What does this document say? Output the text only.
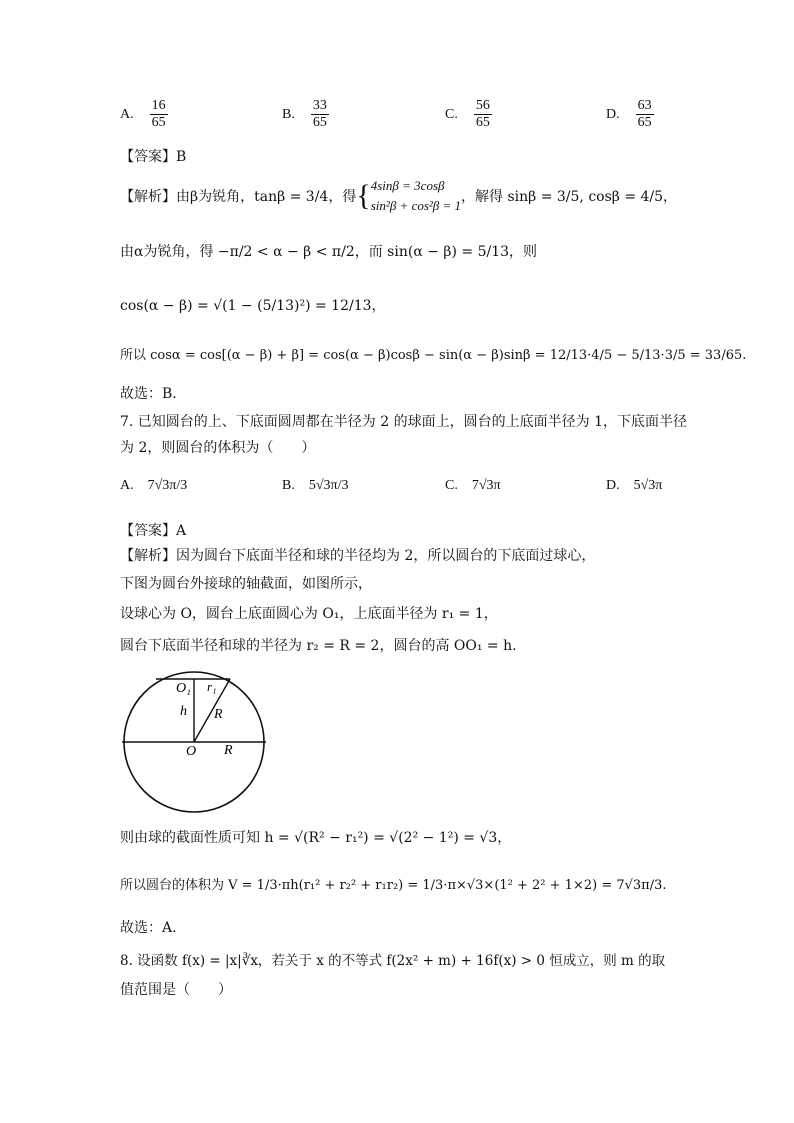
A. $\frac{16}{65}$	B. $\frac{33}{65}$	C. $\frac{56}{65}$	D. $\frac{63}{65}$
【答案】B
【解析】 由β为锐角，tanβ = 3/4，得 { 4sinβ = 3cosβ
sin²β + cos²β = 1
，解得 sinβ = 3/5, cosβ = 4/5，
由α为锐角，得 −π/2 < α − β < π/2，而 sin(α − β) = 5/13，则
cos(α − β) = √(1 − (5/13)²) = 12/13，
所以 cosα = cos[(α − β) + β] = cos(α − β)cosβ − sin(α − β)sinβ = 12/13·4/5 − 5/13·3/5 = 33/65.
故选：B.
7. 已知圆台的上、下底面圆周都在半径为 2 的球面上，圆台的上底面半径为 1，下底面半径
为 2，则圆台的体积为（　　）
A. 7√3π/3	B. 5√3π/3	C. 7√3π	D. 5√3π
【答案】A
【解析】 因为圆台下底面半径和球的半径均为 2，所以圆台的下底面过球心，
下图为圆台外接球的轴截面，如图所示，
设球心为 O，圆台上底面圆心为 O₁，上底面半径为 r₁ = 1，
圆台下底面半径和球的半径为 r₂ = R = 2，圆台的高 OO₁ = h.
O₁ r₁
h R
O R
则由球的截面性质可知 h = √(R² − r₁²) = √(2² − 1²) = √3，
所以圆台的体积为 V = 1/3·πh(r₁² + r₂² + r₁r₂) = 1/3·π×√3×(1² + 2² + 1×2) = 7√3π/3.
故选：A.
8. 设函数 f(x) = |x|∛x，若关于 x 的不等式 f(2x² + m) + 16f(x) > 0 恒成立，则 m 的取
值范围是（　　）
